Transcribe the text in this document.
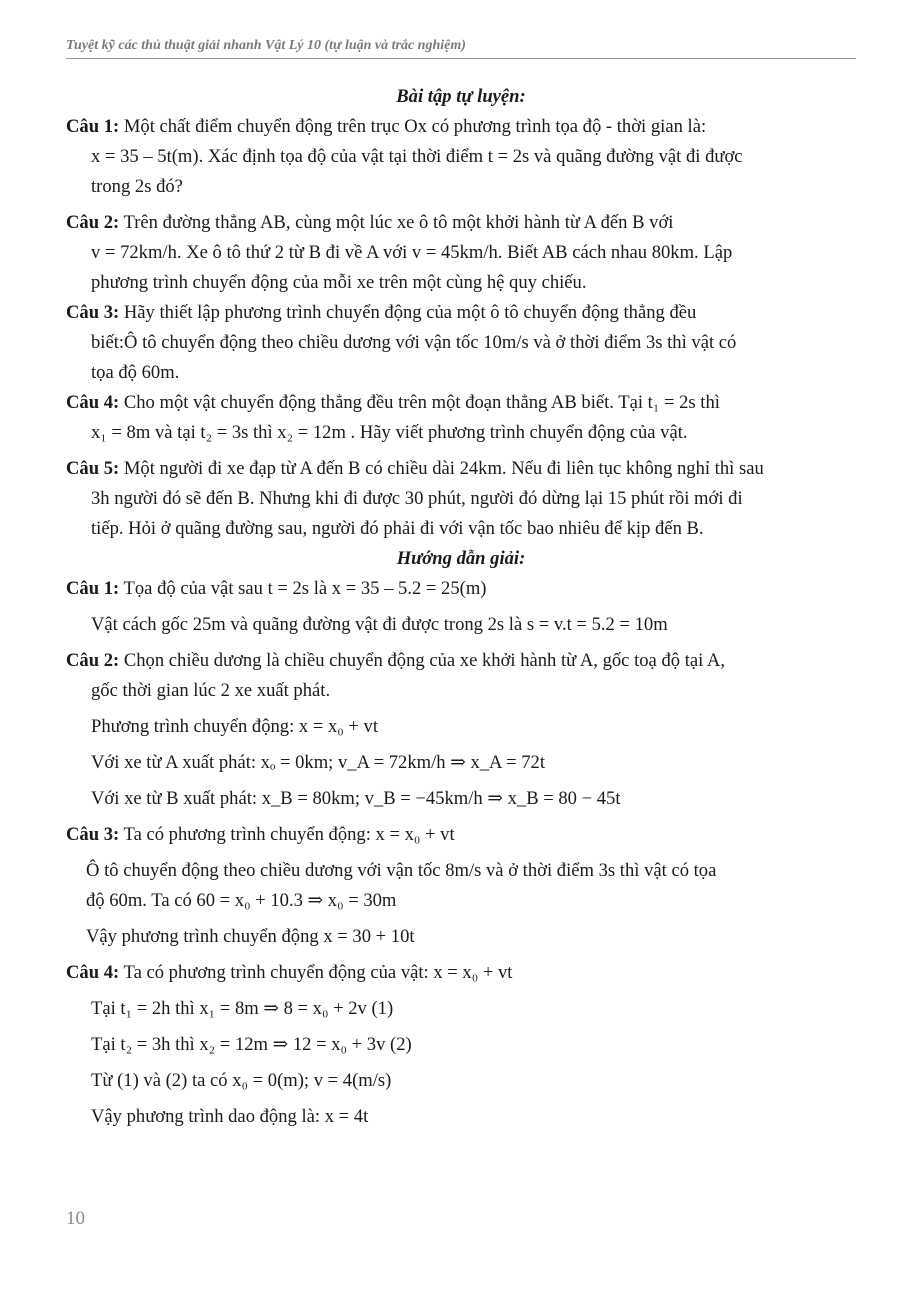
Tuyệt kỹ các thủ thuật giải nhanh Vật Lý 10 (tự luận và trắc nghiệm)

Bài tập tự luyện:

Câu 1: Một chất điểm chuyển động trên trục Ox có phương trình tọa độ - thời gian là:
x = 35 – 5t(m). Xác định tọa độ của vật tại thời điểm t = 2s và quãng đường vật đi được
trong 2s đó?

Câu 2: Trên đường thẳng AB, cùng một lúc xe ô tô một khởi hành từ A đến B với
v = 72km/h. Xe ô tô thứ 2 từ B đi về A với v = 45km/h. Biết AB cách nhau 80km. Lập
phương trình chuyển động của mỗi xe trên một cùng hệ quy chiếu.

Câu 3: Hãy thiết lập phương trình chuyển động của một ô tô chuyển động thẳng đều
biết:Ô tô chuyển động theo chiều dương với vận tốc 10m/s và ở thời điểm 3s thì vật có
tọa độ 60m.

Câu 4: Cho một vật chuyển động thẳng đều trên một đoạn thẳng AB biết. Tại t₁ = 2s thì
x₁ = 8m và tại t₂ = 3s thì x₂ = 12m . Hãy viết phương trình chuyển động của vật.

Câu 5: Một người đi xe đạp từ A đến B có chiều dài 24km. Nếu đi liên tục không nghỉ thì sau
3h người đó sẽ đến B. Nhưng khi đi được 30 phút, người đó dừng lại 15 phút rồi mới đi
tiếp. Hỏi ở quãng đường sau, người đó phải đi với vận tốc bao nhiêu để kịp đến B.

Hướng dẫn giải:

Câu 1: Tọa độ của vật sau t = 2s là x = 35 – 5.2 = 25(m)

Vật cách gốc 25m và quãng đường vật đi được trong 2s là s = v.t = 5.2 = 10m

Câu 2: Chọn chiều dương là chiều chuyển động của xe khởi hành từ A, gốc toạ độ tại A,
gốc thời gian lúc 2 xe xuất phát.

Phương trình chuyển động: x = x₀ + vt

Với xe từ A xuất phát: xₒ = 0km; v_A = 72km/h ⇒ x_A = 72t

Với xe từ B xuất phát: x_B = 80km; v_B = −45km/h ⇒ x_B = 80 − 45t

Câu 3: Ta có phương trình chuyển động: x = x₀ + vt

Ô tô chuyển động theo chiều dương với vận tốc 8m/s và ở thời điểm 3s thì vật có tọa
độ 60m. Ta có 60 = x₀ + 10.3 ⇒ x₀ = 30m

Vậy phương trình chuyển động x = 30 + 10t

Câu 4: Ta có phương trình chuyển động của vật: x = x₀ + vt

Tại t₁ = 2h thì x₁ = 8m ⇒ 8 = x₀ + 2v (1)

Tại t₂ = 3h thì x₂ = 12m ⇒ 12 = x₀ + 3v (2)

Từ (1) và (2) ta có x₀ = 0(m); v = 4(m/s)

Vậy phương trình dao động là: x = 4t

10
